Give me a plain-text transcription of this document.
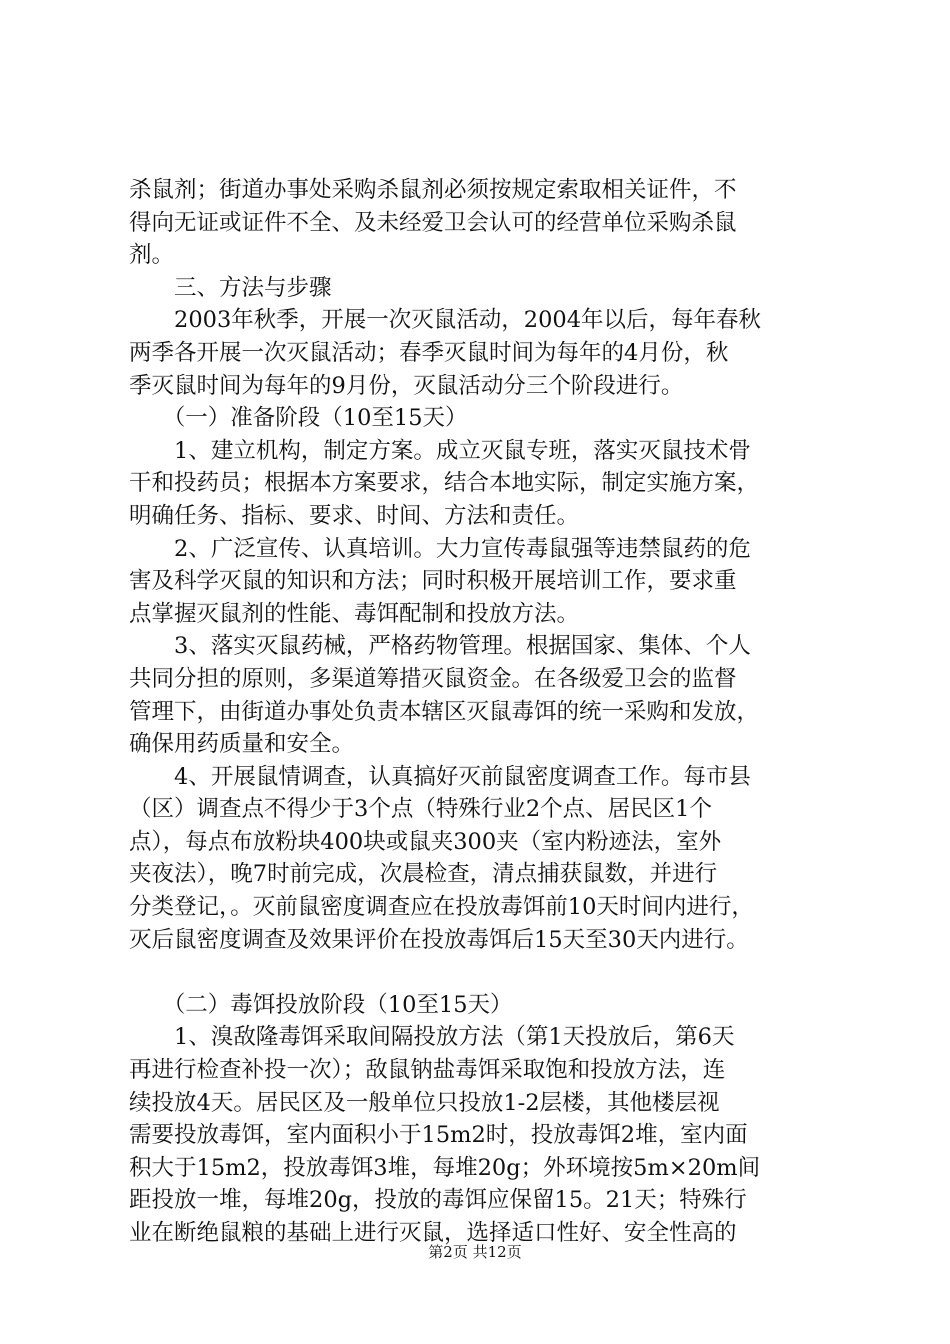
杀鼠剂；街道办事处采购杀鼠剂必须按规定索取相关证件，不
得向无证或证件不全、及未经爱卫会认可的经营单位采购杀鼠
剂。
　　三、方法与步骤
　　2003年秋季，开展一次灭鼠活动，2004年以后，每年春秋
两季各开展一次灭鼠活动；春季灭鼠时间为每年的4月份，秋
季灭鼠时间为每年的9月份，灭鼠活动分三个阶段进行。
　　（一）准备阶段（10至15天）
　　1、建立机构，制定方案。成立灭鼠专班，落实灭鼠技术骨
干和投药员；根据本方案要求，结合本地实际，制定实施方案，
明确任务、指标、要求、时间、方法和责任。
　　2、广泛宣传、认真培训。大力宣传毒鼠强等违禁鼠药的危
害及科学灭鼠的知识和方法；同时积极开展培训工作，要求重
点掌握灭鼠剂的性能、毒饵配制和投放方法。
　　3、落实灭鼠药械，严格药物管理。根据国家、集体、个人
共同分担的原则，多渠道筹措灭鼠资金。在各级爱卫会的监督
管理下，由街道办事处负责本辖区灭鼠毒饵的统一采购和发放，
确保用药质量和安全。
　　4、开展鼠情调查，认真搞好灭前鼠密度调查工作。每市县
（区）调查点不得少于3个点（特殊行业2个点、居民区1个
点），每点布放粉块400块或鼠夹300夹（室内粉迹法，室外
夹夜法），晚7时前完成，次晨检查，清点捕获鼠数，并进行
分类登记，。灭前鼠密度调查应在投放毒饵前10天时间内进行，
灭后鼠密度调查及效果评价在投放毒饵后15天至30天内进行。
　　（二）毒饵投放阶段（10至15天）
　　1、溴敌隆毒饵采取间隔投放方法（第1天投放后，第6天
再进行检查补投一次）；敌鼠钠盐毒饵采取饱和投放方法，连
续投放4天。居民区及一般单位只投放1-2层楼，其他楼层视
需要投放毒饵，室内面积小于15m2时，投放毒饵2堆，室内面
积大于15m2，投放毒饵3堆，每堆20g；外环境按5m×20m间
距投放一堆，每堆20g，投放的毒饵应保留15。21天；特殊行
业在断绝鼠粮的基础上进行灭鼠，选择适口性好、安全性高的
第2页 共12页
